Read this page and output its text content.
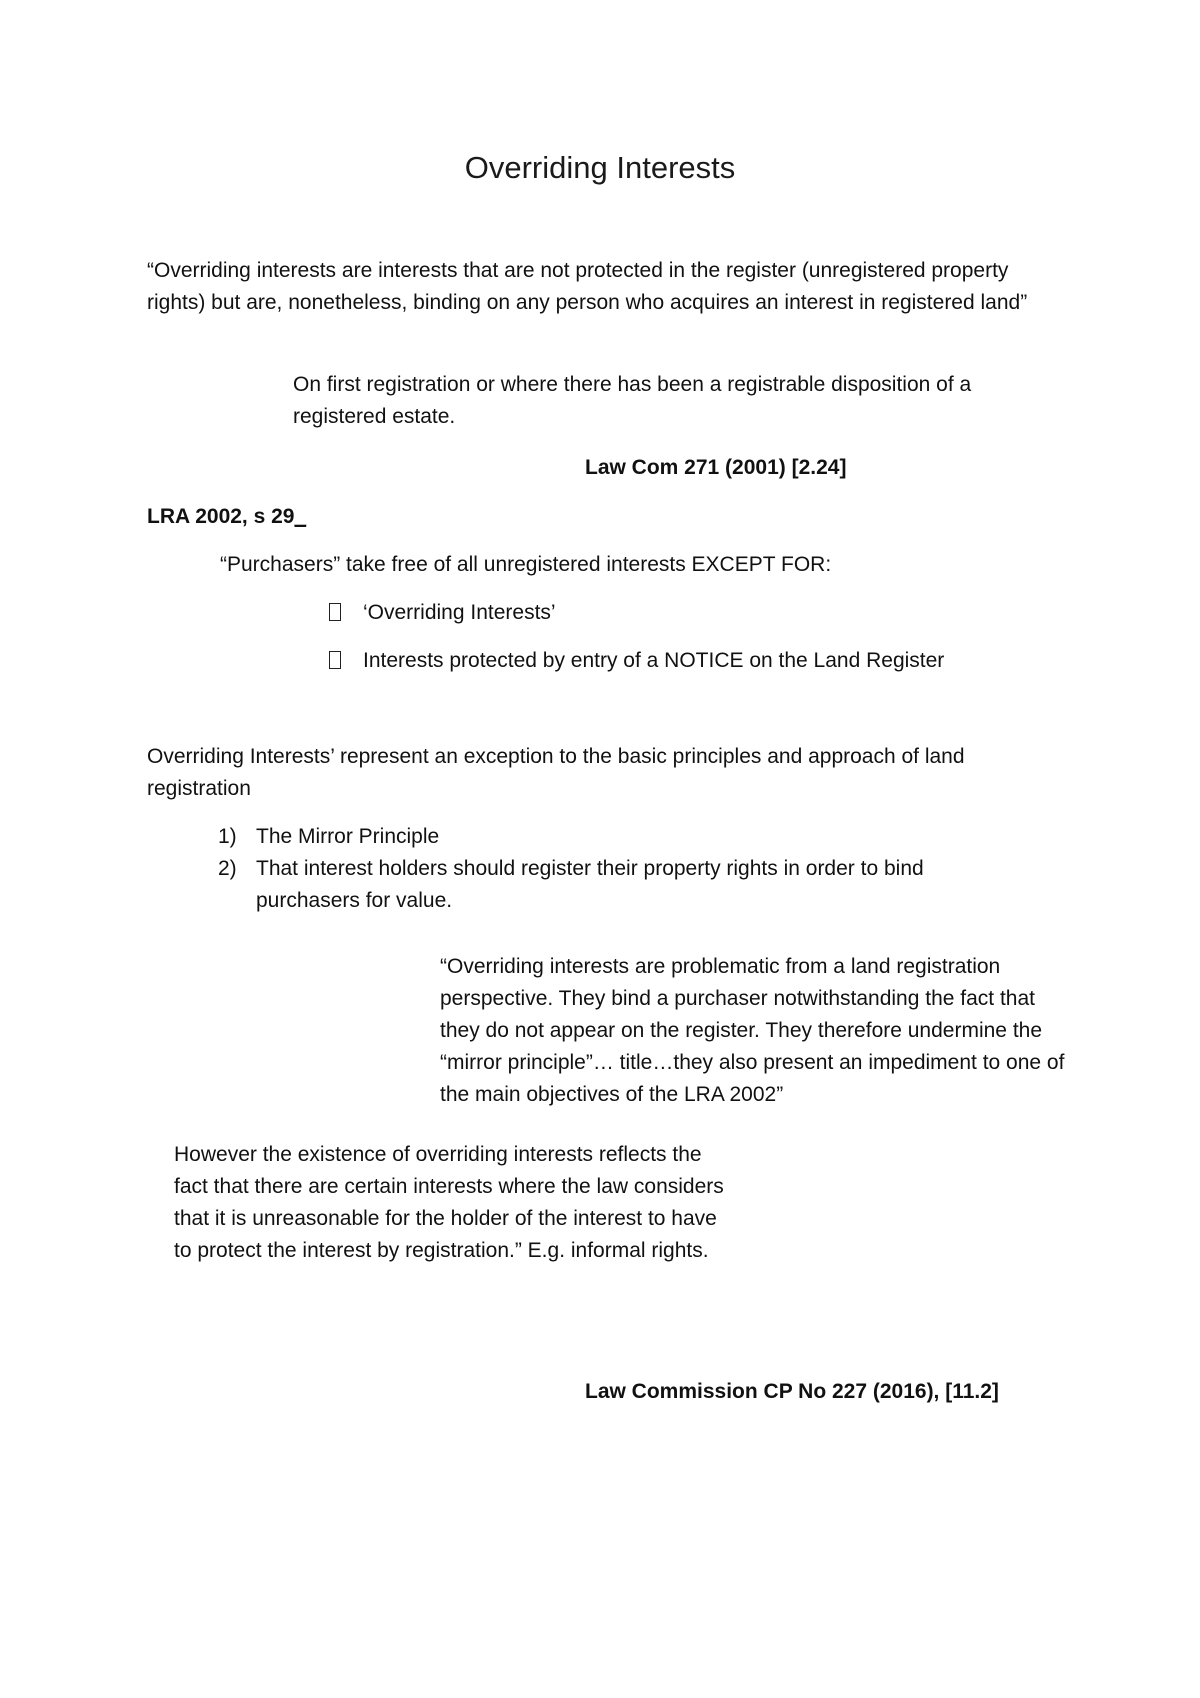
Overriding Interests

“Overriding interests are interests that are not protected in the register (unregistered property rights) but are, nonetheless, binding on any person who acquires an interest in registered land”

On first registration or where there has been a registrable disposition of a registered estate.

Law Com 271 (2001) [2.24]

LRA 2002, s 29_

“Purchasers” take free of all unregistered interests EXCEPT FOR:

‘Overriding Interests’
Interests protected by entry of a NOTICE on the Land Register

Overriding Interests’ represent an exception to the basic principles and approach of land registration

1) The Mirror Principle
2) That interest holders should register their property rights in order to bind purchasers for value.

“Overriding interests are problematic from a land registration perspective. They bind a purchaser notwithstanding the fact that they do not appear on the register. They therefore undermine the “mirror principle”… title…they also present an impediment to one of the main objectives of the LRA 2002”

However the existence of overriding interests reflects the fact that there are certain interests where the law considers that it is unreasonable for the holder of the interest to have to protect the interest by registration.” E.g. informal rights.

Law Commission CP No 227 (2016), [11.2]
